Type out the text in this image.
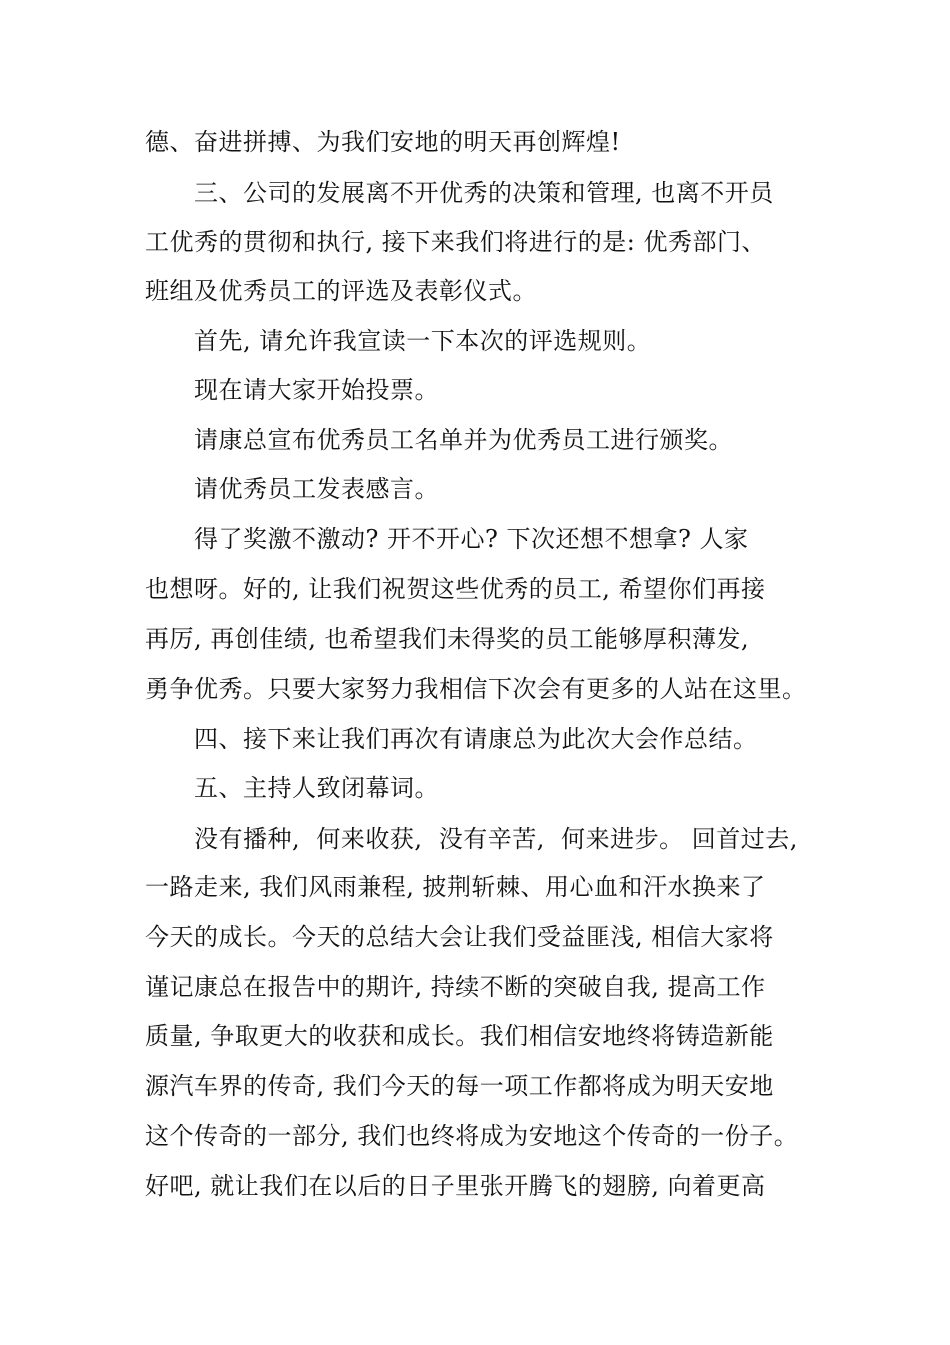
德、奋进拼搏、为我们安地的明天再创辉煌!
三、公司的发展离不开优秀的决策和管理, 也离不开员
工优秀的贯彻和执行, 接下来我们将进行的是: 优秀部门、
班组及优秀员工的评选及表彰仪式。
首先, 请允许我宣读一下本次的评选规则。
现在请大家开始投票。
请康总宣布优秀员工名单并为优秀员工进行颁奖。
请优秀员工发表感言。
得了奖激不激动? 开不开心? 下次还想不想拿? 人家
也想呀。好的, 让我们祝贺这些优秀的员工, 希望你们再接
再厉, 再创佳绩, 也希望我们未得奖的员工能够厚积薄发,
勇争优秀。只要大家努力我相信下次会有更多的人站在这里。
四、接下来让我们再次有请康总为此次大会作总结。
五、主持人致闭幕词。
没有播种,  何来收获,  没有辛苦,  何来进步。 回首过去,
一路走来, 我们风雨兼程, 披荆斩棘、用心血和汗水换来了
今天的成长。今天的总结大会让我们受益匪浅, 相信大家将
谨记康总在报告中的期许, 持续不断的突破自我, 提高工作
质量, 争取更大的收获和成长。我们相信安地终将铸造新能
源汽车界的传奇, 我们今天的每一项工作都将成为明天安地
这个传奇的一部分, 我们也终将成为安地这个传奇的一份子。
好吧, 就让我们在以后的日子里张开腾飞的翅膀, 向着更高
